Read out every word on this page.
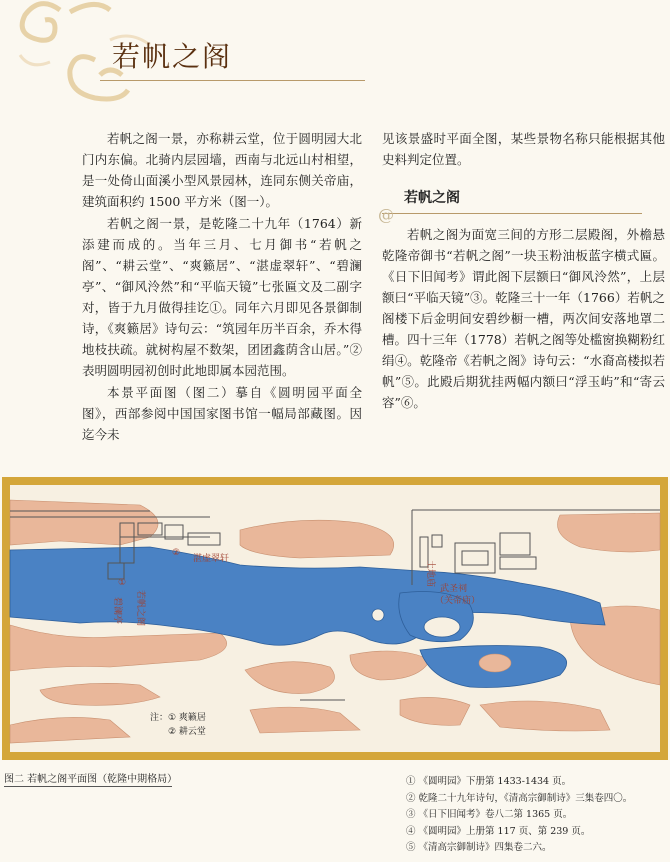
若帆之阁

若帆之阁一景，亦称耕云堂，位于圆明园大北门内东偏。北骑内层园墙，西南与北远山村相望，是一处倚山面溪小型风景园林，连同东侧关帝庙，建筑面积约 1500 平方米（图一）。

若帆之阁一景，是乾隆二十九年（1764）新添建而成的。当年三月、七月御书“若帆之阁”、“耕云堂”、“爽籁居”、“湛虚翠轩”、“碧澜亭”、“御风泠然”和“平临天镜”七张匾文及二副字对，皆于九月做得挂讫①。同年六月即见各景御制诗，《爽籁居》诗句云：“筑园年历半百余，乔木得地枝扶疏。就树构屋不数架，团团鑫荫含山居。”②表明圆明园初创时此地即属本园范围。

本景平面图（图二）摹自《圆明园平面全图》，西部参阅中国国家图书馆一幅局部藏图。因迄今未

见该景盛时平面全图，某些景物名称只能根据其他史料判定位置。

若帆之阁
@

若帆之阁为面宽三间的方形二层殿阁，外檐悬乾隆帝御书“若帆之阁”一块玉粉油板蓝字横式匾。《日下旧闻考》谓此阁下层额曰“御风泠然”，上层额曰“平临天镜”③。乾隆三十一年（1766）若帆之阁楼下后金明间安碧纱橱一槽，两次间安落地罩二槽。四十三年（1778）若帆之阁等处槛窗换糊粉红绢④。乾隆帝《若帆之阁》诗句云：“水裔高楼拟若帆”⑤。此殿后期犹挂两幅内额曰“浮玉屿”和“寄云容”⑥。

湛虚翠轩
②
①
若帆之阁
碧澜亭
土地庙
武圣祠
（关帝庙）
注：① 爽籁居
② 耕云堂
图二 若帆之阁平面图（乾隆中期格局）	① 《圆明园》下册第 1433-1434 页。
② 乾隆二十九年诗句，《清高宗御制诗》三集卷四〇。
③ 《日下旧闻考》卷八二第 1365 页。
④ 《圆明园》上册第 117 页、第 239 页。
⑤ 《清高宗御制诗》四集卷二六。
